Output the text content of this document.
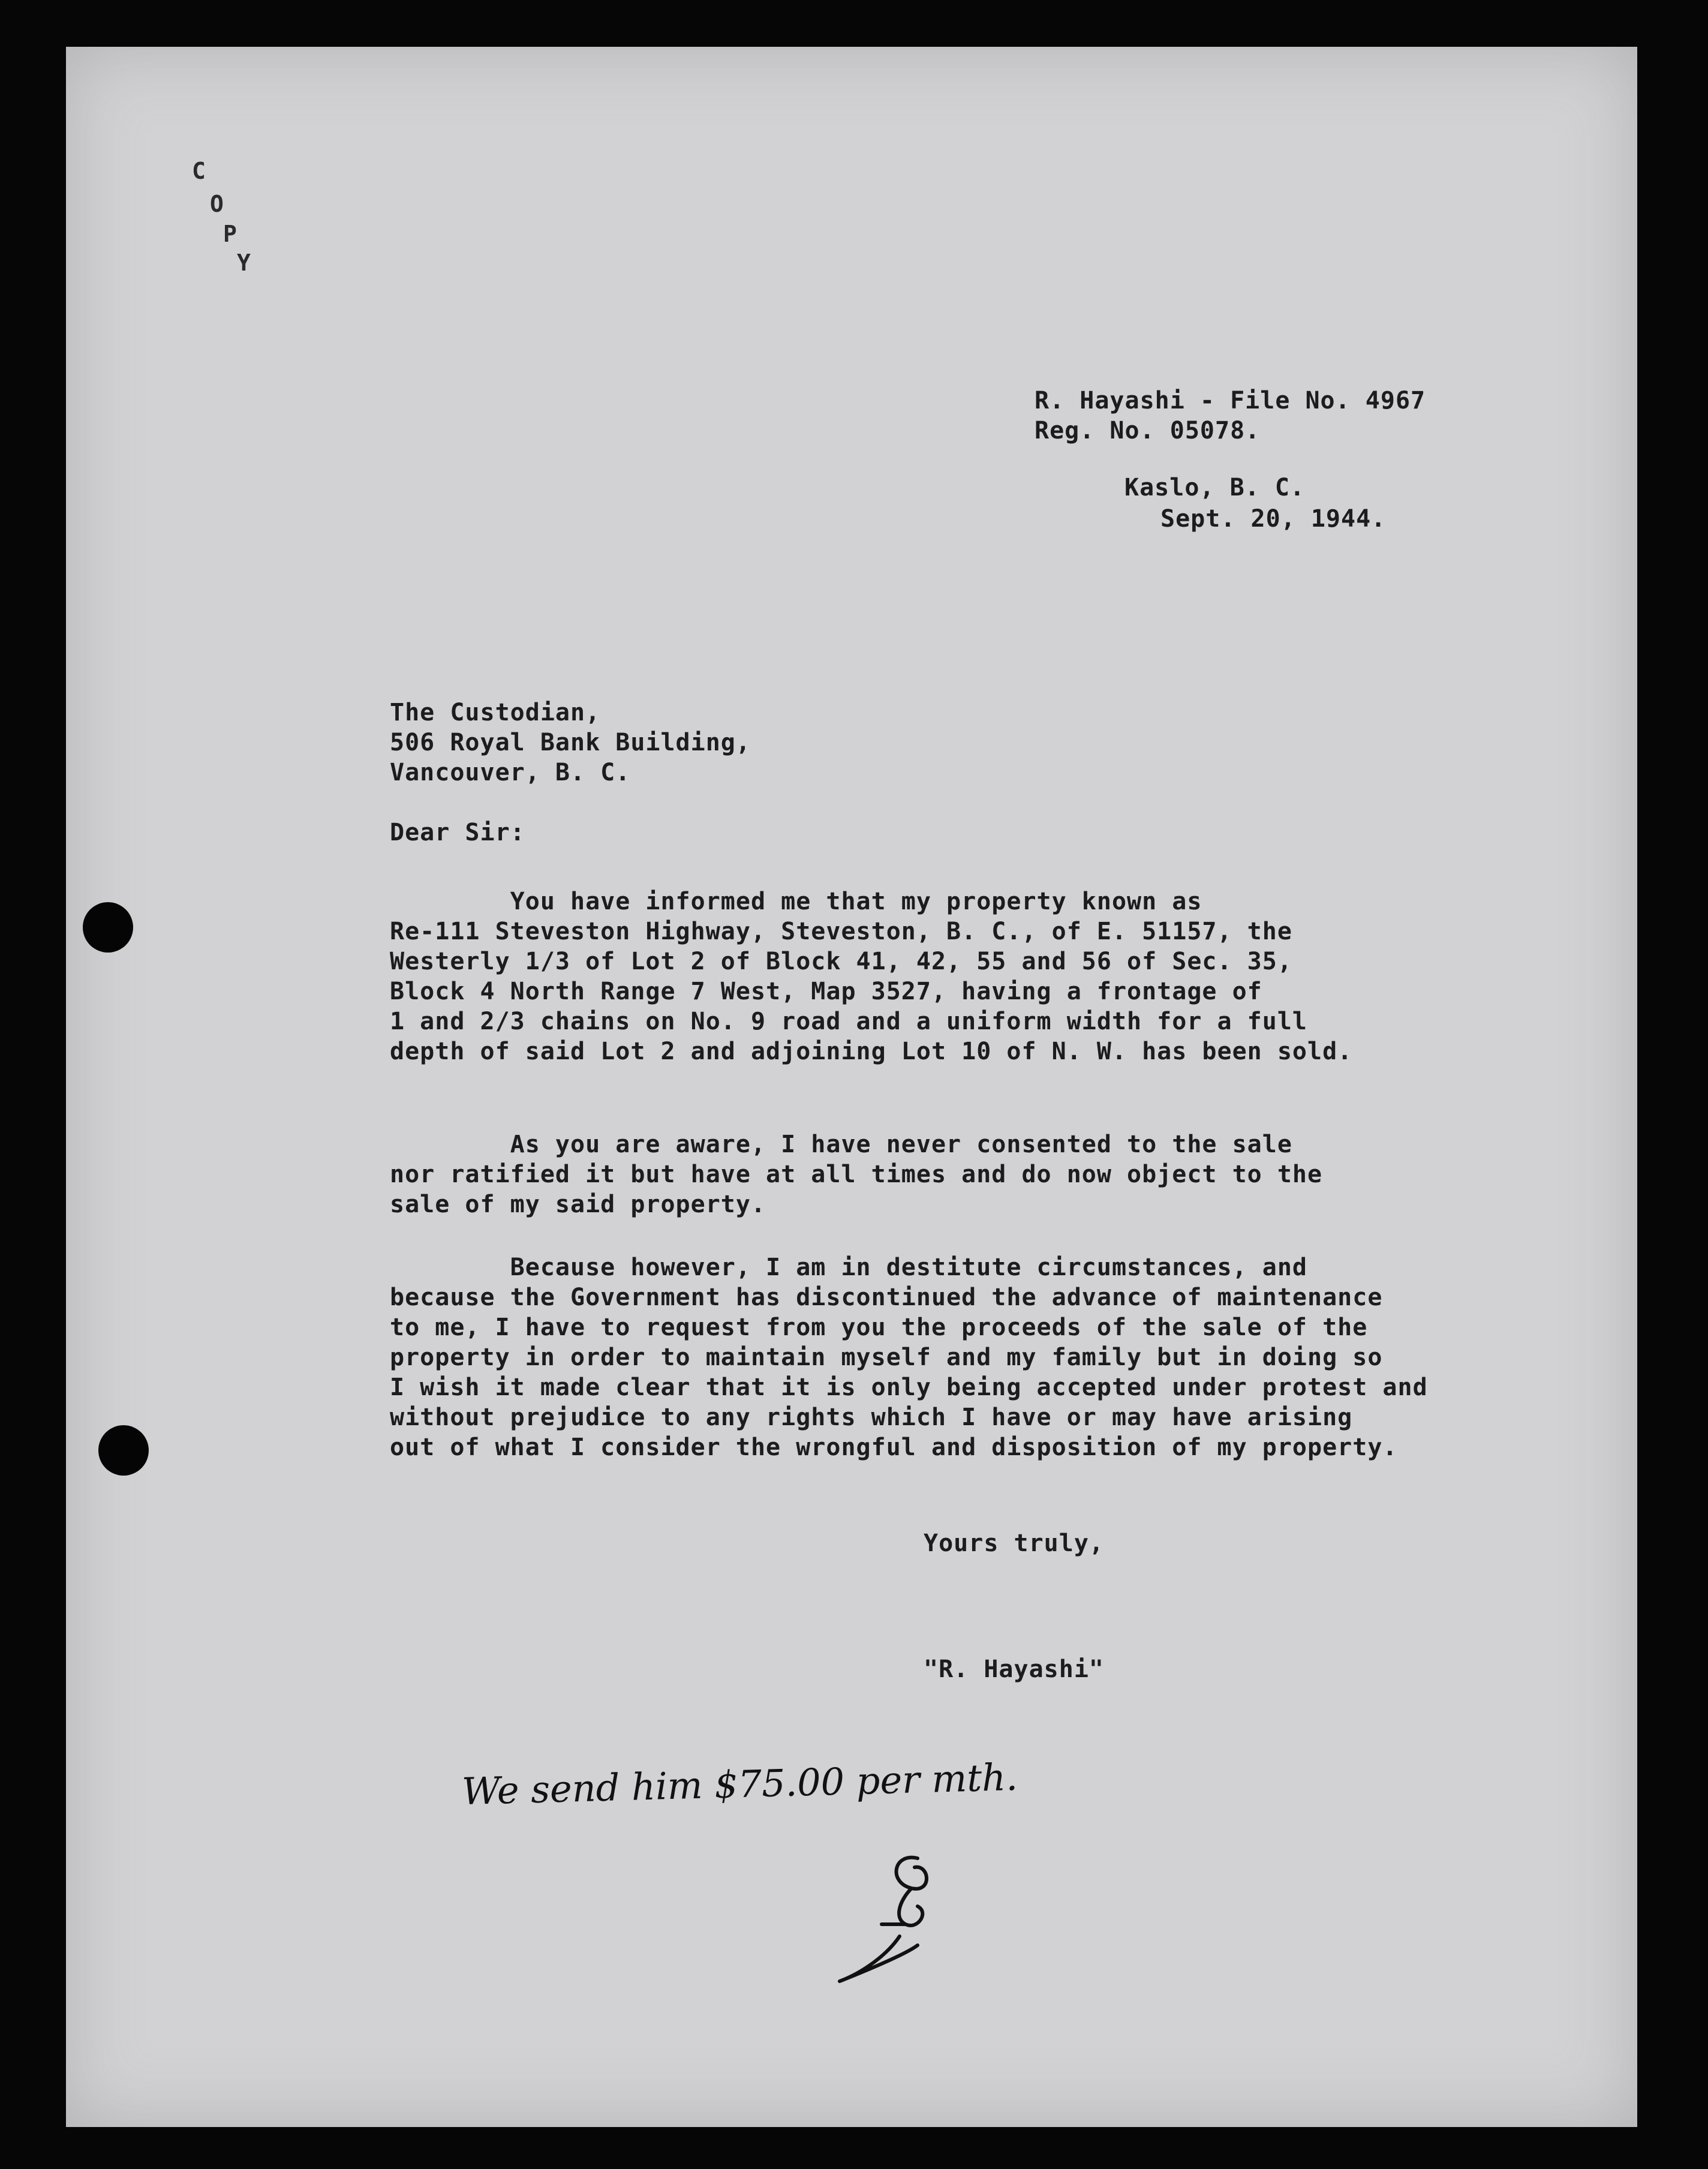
C
O
P
Y
R. Hayashi - File No. 4967
Reg. No. 05078.
Kaslo, B. C.
Sept. 20, 1944.
The Custodian,
506 Royal Bank Building,
Vancouver, B. C.
Dear Sir:
You have informed me that my property known as
Re-111 Steveston Highway, Steveston, B. C., of E. 51157, the
Westerly 1/3 of Lot 2 of Block 41, 42, 55 and 56 of Sec. 35,
Block 4 North Range 7 West, Map 3527, having a frontage of
1 and 2/3 chains on No. 9 road and a uniform width for a full
depth of said Lot 2 and adjoining Lot 10 of N. W. has been sold.
As you are aware, I have never consented to the sale
nor ratified it but have at all times and do now object to the
sale of my said property.
Because however, I am in destitute circumstances, and
because the Government has discontinued the advance of maintenance
to me, I have to request from you the proceeds of the sale of the
property in order to maintain myself and my family but in doing so
I wish it made clear that it is only being accepted under protest and
without prejudice to any rights which I have or may have arising
out of what I consider the wrongful and disposition of my property.
Yours truly,
"R. Hayashi"
We send him $75.00 per mth.
